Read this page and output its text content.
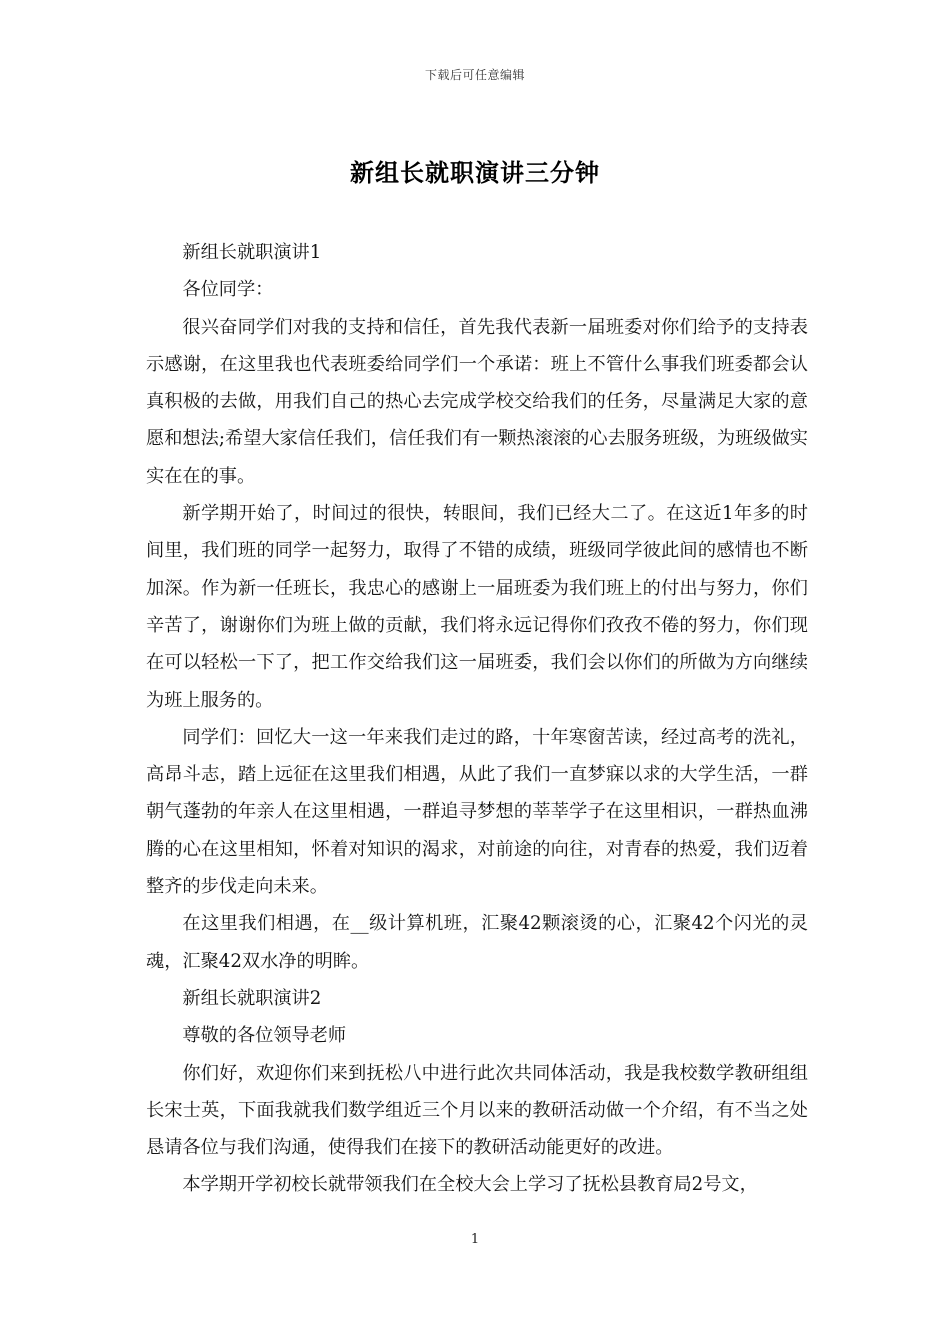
下载后可任意编辑
新组长就职演讲三分钟

新组长就职演讲1

各位同学：

很兴奋同学们对我的支持和信任，首先我代表新一届班委对你们给予的支持表示感谢，在这里我也代表班委给同学们一个承诺：班上不管什么事我们班委都会认真积极的去做，用我们自己的热心去完成学校交给我们的任务，尽量满足大家的意愿和想法;希望大家信任我们，信任我们有一颗热滚滚的心去服务班级，为班级做实实在在的事。

新学期开始了，时间过的很快，转眼间，我们已经大二了。在这近1年多的时间里，我们班的同学一起努力，取得了不错的成绩，班级同学彼此间的感情也不断加深。作为新一任班长，我忠心的感谢上一届班委为我们班上的付出与努力，你们辛苦了，谢谢你们为班上做的贡献，我们将永远记得你们孜孜不倦的努力，你们现在可以轻松一下了，把工作交给我们这一届班委，我们会以你们的所做为方向继续为班上服务的。

同学们：回忆大一这一年来我们走过的路，十年寒窗苦读，经过高考的洗礼，高昂斗志，踏上远征在这里我们相遇，从此了我们一直梦寐以求的大学生活，一群朝气蓬勃的年亲人在这里相遇，一群追寻梦想的莘莘学子在这里相识，一群热血沸腾的心在这里相知，怀着对知识的渴求，对前途的向往，对青春的热爱，我们迈着整齐的步伐走向未来。

在这里我们相遇，在__级计算机班，汇聚42颗滚烫的心，汇聚42个闪光的灵魂，汇聚42双水净的明眸。

新组长就职演讲2

尊敬的各位领导老师

你们好，欢迎你们来到抚松八中进行此次共同体活动，我是我校数学教研组组长宋士英，下面我就我们数学组近三个月以来的教研活动做一个介绍，有不当之处恳请各位与我们沟通，使得我们在接下的教研活动能更好的改进。

本学期开学初校长就带领我们在全校大会上学习了抚松县教育局2号文，

1
